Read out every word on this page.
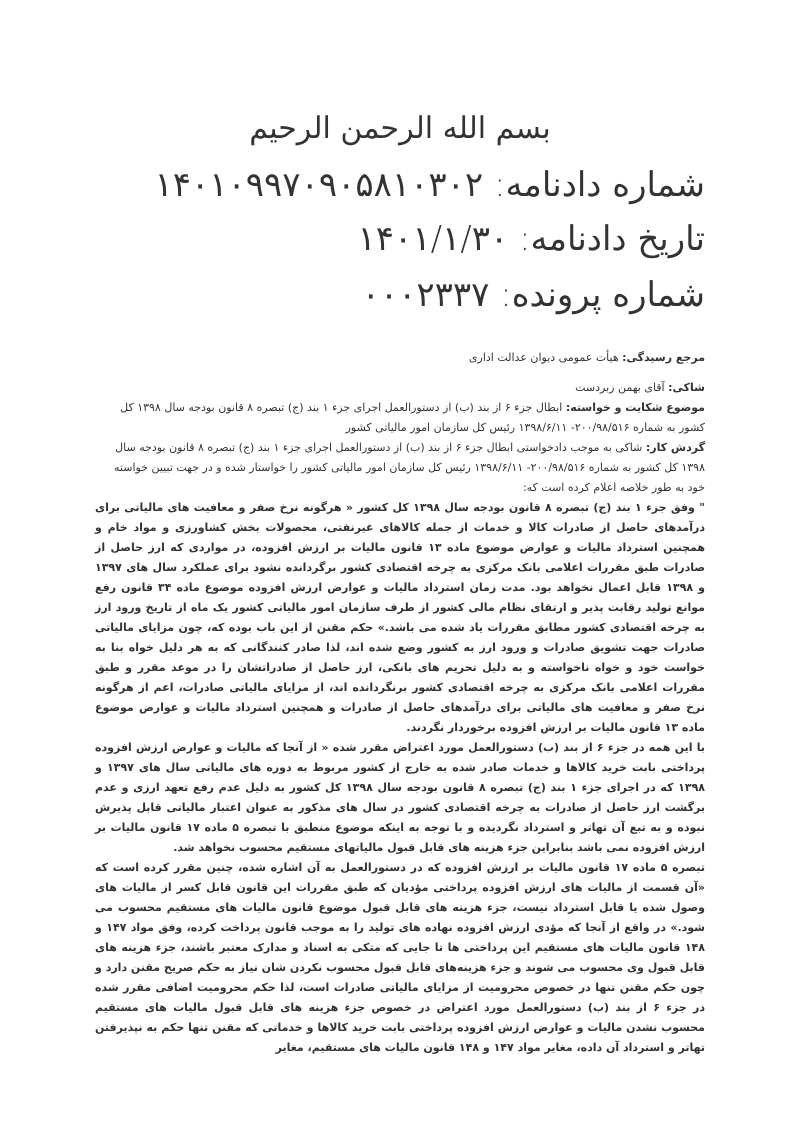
بسم الله الرحمن الرحیم
شماره دادنامه: ۱۴۰۱۰۹۹۷۰۹۰۵۸۱۰۳۰۲
تاریخ دادنامه: ۱۴۰۱/۱/۳۰
شماره پرونده: ۰۰۰۲۳۳۷
مرجع رسیدگی: هیأت عمومی دیوان عدالت اداری
شاکی: آقای بهمن زبردست
موضوع شکایت و خواسته: ابطال جزء ۶ از بند (ب) از دستورالعمل اجرای جزء ۱ بند (ج) تبصره ۸ قانون بودجه سال ۱۳۹۸ کل کشور به شماره ۲۰۰/۹۸/۵۱۶- ۱۳۹۸/۶/۱۱ رئیس کل سازمان امور مالیاتی کشور
گردش کار: شاکی به موجب دادخواستی ابطال جزء ۶ از بند (ب) از دستورالعمل اجرای جزء ۱ بند (ج) تبصره ۸ قانون بودجه سال ۱۳۹۸ کل کشور به شماره ۲۰۰/۹۸/۵۱۶- ۱۳۹۸/۶/۱۱ رئیس کل سازمان امور مالیاتی کشور را خواستار شده و در جهت تبیین خواسته خود به طور خلاصه اعلام کرده است که:

" وفق جزء ۱ بند (ج) تبصره ۸ قانون بودجه سال ۱۳۹۸ کل کشور « هرگونه نرخ صفر و معافیت های مالیاتی برای درآمدهای حاصل از صادرات کالا و خدمات از جمله کالاهای غیرنفتی، محصولات بخش کشاورزی و مواد خام و همچنین استرداد مالیات و عوارض موضوع ماده ۱۳ قانون مالیات بر ارزش افزوده، در مواردی که ارز حاصل از صادرات طبق مقررات اعلامی بانک مرکزی به چرخه اقتصادی کشور برگردانده نشود برای عملکرد سال های ۱۳۹۷ و ۱۳۹۸ قابل اعمال نخواهد بود. مدت زمان استرداد مالیات و عوارض ارزش افزوده موضوع ماده ۳۴ قانون رفع موانع تولید رقابت پذیر و ارتقای نظام مالی کشور از طرف سازمان امور مالیاتی کشور یک ماه از تاریخ ورود ارز به چرخه اقتصادی کشور مطابق مقررات یاد شده می باشد.» حکم مقنن از این باب بوده که، چون مزایای مالیاتی صادرات جهت تشویق صادرات و ورود ارز به کشور وضع شده اند، لذا صادر کنندگانی که به هر دلیل خواه بنا به خواست خود و خواه ناخواسته و به دلیل تحریم های بانکی، ارز حاصل از صادراتشان را در موعد مقرر و طبق مقررات اعلامی بانک مرکزی به چرخه اقتصادی کشور برنگردانده اند، از مزایای مالیاتی صادرات، اعم از هرگونه نرخ صفر و معافیت های مالیاتی برای درآمدهای حاصل از صادرات و همچنین استرداد مالیات و عوارض موضوع ماده ۱۳ قانون مالیات بر ارزش افزوده برخوردار نگردند.

با این همه در جزء ۶ از بند (ب) دستورالعمل مورد اعتراض مقرر شده « از آنجا که مالیات و عوارض ارزش افزوده پرداختی بابت خرید کالاها و خدمات صادر شده به خارج از کشور مربوط به دوره های مالیاتی سال های ۱۳۹۷ و ۱۳۹۸ که در اجرای جزء ۱ بند (ج) تبصره ۸ قانون بودجه سال ۱۳۹۸ کل کشور به دلیل عدم رفع تعهد ارزی و عدم برگشت ارز حاصل از صادرات به چرخه اقتصادی کشور در سال های مذکور به عنوان اعتبار مالیاتی قابل پذیرش نبوده و به تبع آن تهاتر و استرداد نگردیده و با توجه به اینکه موضوع منطبق با تبصره ۵ ماده ۱۷ قانون مالیات بر ارزش افزوده نمی باشد بنابراین جزء هزینه های قابل قبول مالیاتهای مستقیم محسوب نخواهد شد.

تبصره ۵ ماده ۱۷ قانون مالیات بر ارزش افزوده که در دستورالعمل به آن اشاره شده، چنین مقرر کرده است که «آن قسمت از مالیات های ارزش افزوده پرداختی مؤدیان که طبق مقررات این قانون قابل کسر از مالیات های وصول شده یا قابل استرداد نیست، جزء هزینه های قابل قبول موضوع قانون مالیات های مستقیم محسوب می شود.» در واقع از آنجا که مؤدی ارزش افزوده نهاده های تولید را به موجب قانون پرداخت کرده، وفق مواد ۱۴۷ و ۱۴۸ قانون مالیات های مستقیم این پرداختی ها تا جایی که متکی به اسناد و مدارک معتبر باشند، جزء هزینه های قابل قبول وی محسوب می شوند و جزء هزینه‌های قابل قبول محسوب نکردن شان نیاز به حکم صریح مقنن دارد و چون حکم مقنن تنها در خصوص محرومیت از مزایای مالیاتی صادرات است، لذا حکم محرومیت اضافی مقرر شده در جزء ۶ از بند (ب) دستورالعمل مورد اعتراض در خصوص جزء هزینه های قابل قبول مالیات های مستقیم محسوب نشدن مالیات و عوارض ارزش افزوده پرداختی بابت خرید کالاها و خدماتی که مقنن تنها حکم به نپذیرفتن تهاتر و استرداد آن داده، مغایر مواد ۱۴۷ و ۱۴۸ قانون مالیات های مستقیم، مغایر
